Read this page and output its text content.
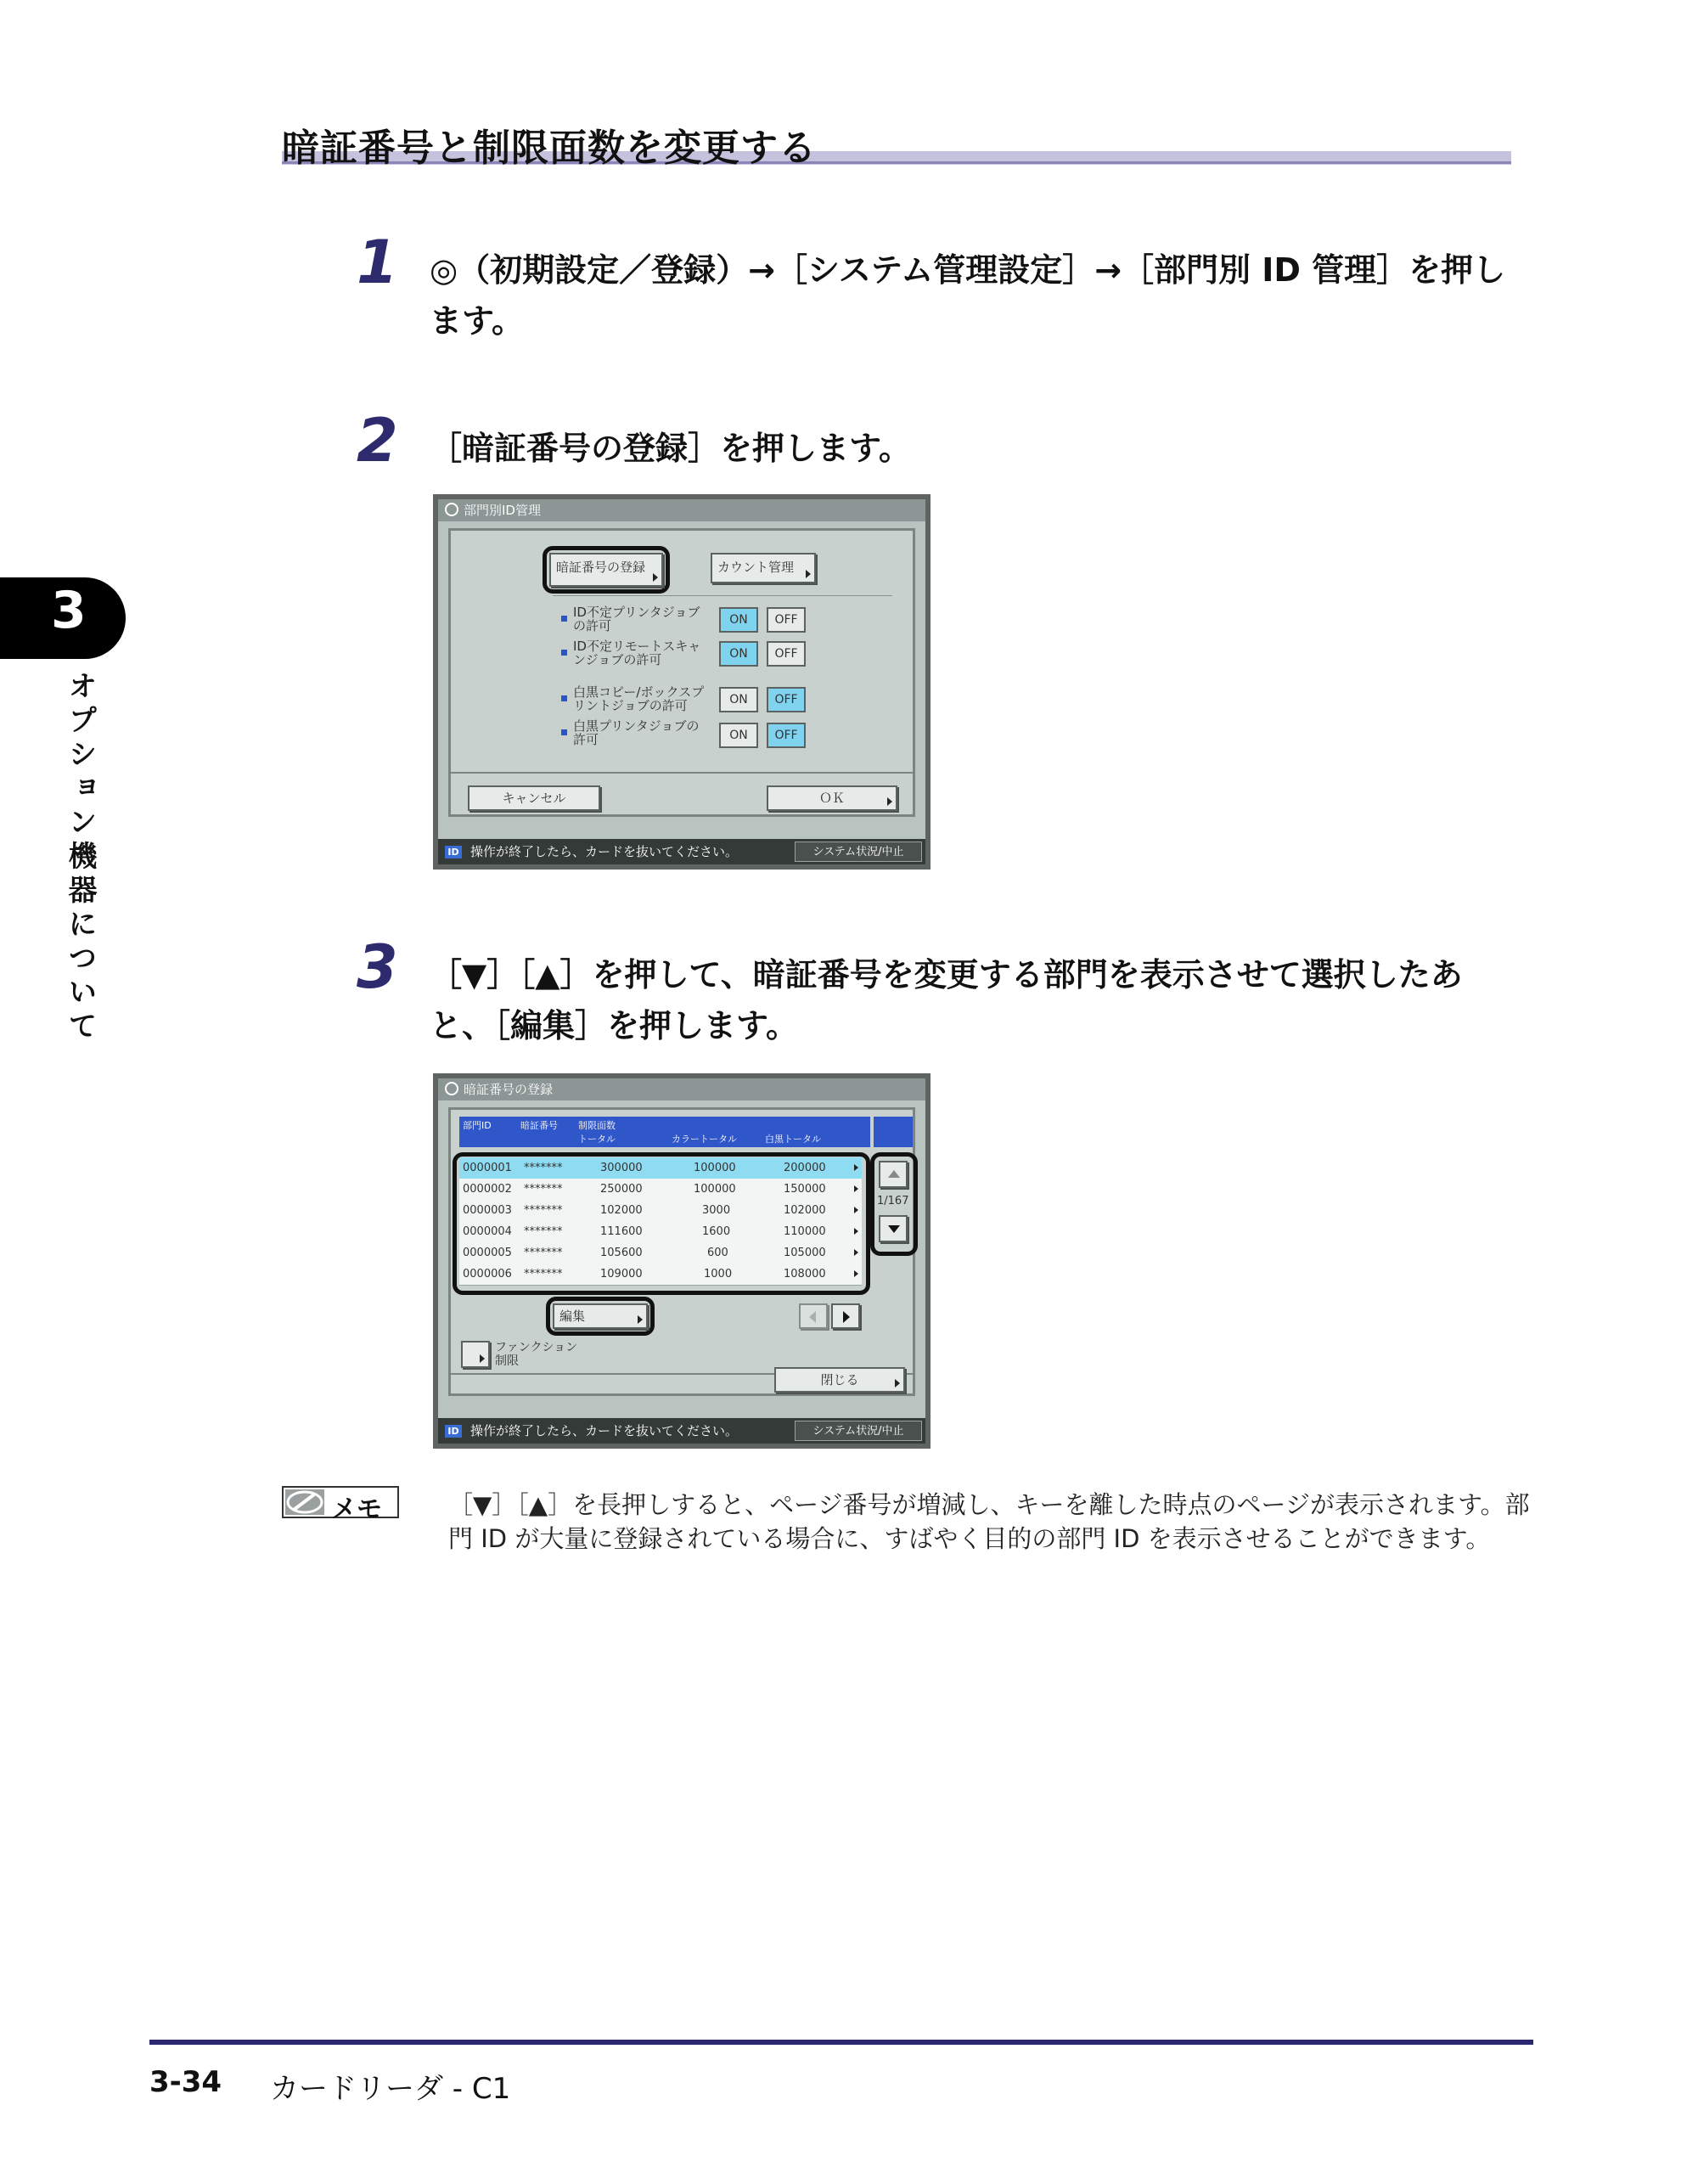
暗証番号と制限面数を変更する
3
オプション機器について
1 ◎（初期設定／登録）→［システム管理設定］→［部門別 ID 管理］を押します。
2 ［暗証番号の登録］を押します。
部門別ID管理
暗証番号の登録	カウント管理
ID不定プリンタジョブの許可	ON	OFF
ID不定リモートスキャンジョブの許可	ON	OFF
白黒コピー/ボックスプリントジョブの許可	ON	OFF
白黒プリンタジョブの許可	ON	OFF
キャンセル	ＯＫ
ID 操作が終了したら、カードを抜いてください。	システム状況/中止
3 ［▼］［▲］を押して、暗証番号を変更する部門を表示させて選択したあと、［編集］を押します。
暗証番号の登録
部門ID	暗証番号 制限面数
トータル	カラートータル	白黒トータル
0000001 *******	300000	100000	200000
0000002 *******	250000	100000	150000
0000003 *******	102000	3000	102000
0000004 *******	111600	1600	110000
0000005 *******	105600	600	105000
0000006 *******	109000	1000	108000
1/167
編集
ファンクション制限
閉じる
ID 操作が終了したら、カードを抜いてください。	システム状況/中止
メモ	［▼］［▲］を長押しすると、ページ番号が増減し、キーを離した時点のページが表示されます。部門 ID が大量に登録されている場合に、すばやく目的の部門 ID を表示させることができます。
3-34 カードリーダ - C1
